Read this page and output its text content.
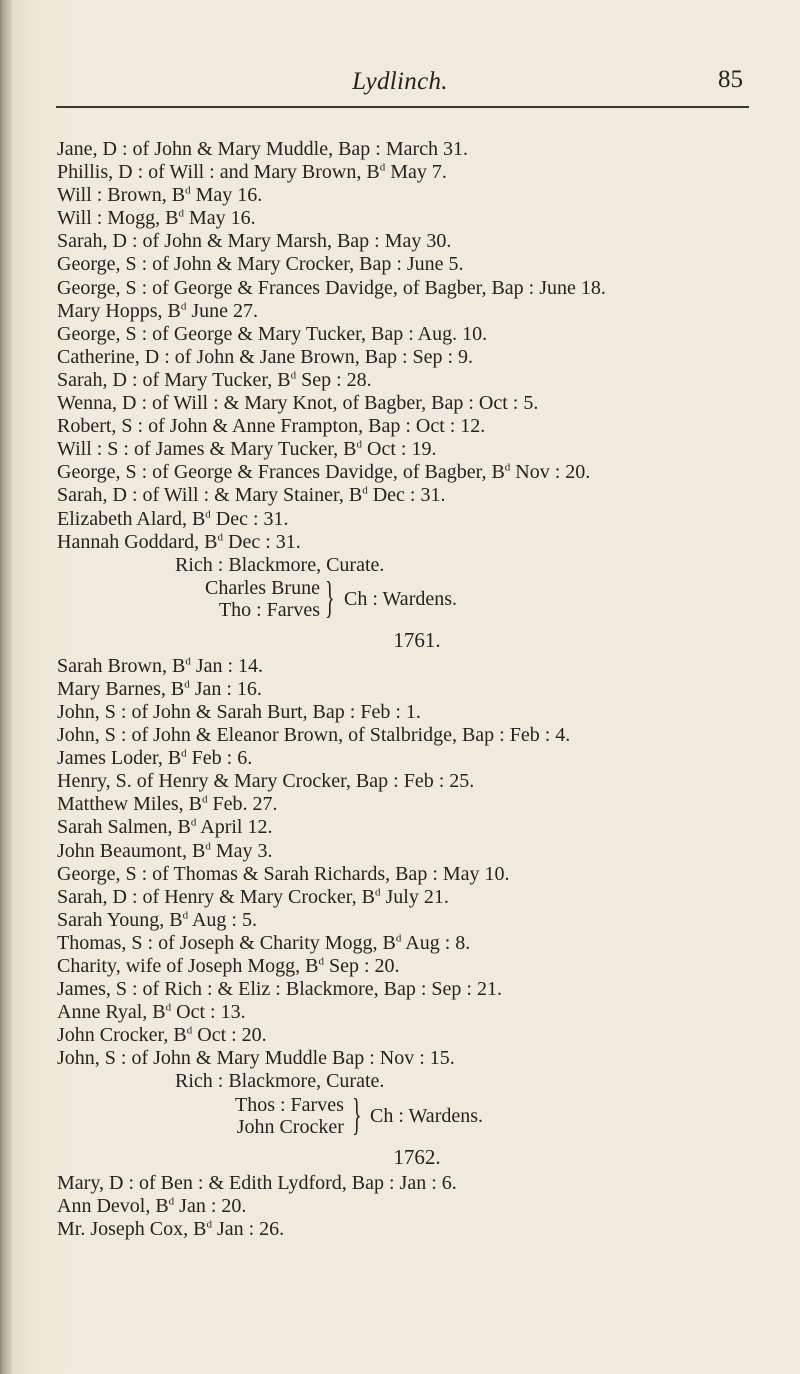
Lydlinch.	85
Jane, D : of John & Mary Muddle, Bap : March 31.
Phillis, D : of Will : and Mary Brown, $B^d$ May 7.
Will : Brown, $B^d$ May 16.
Will : Mogg, $B^d$ May 16.
Sarah, D : of John & Mary Marsh, Bap : May 30.
George, S : of John & Mary Crocker, Bap : June 5.
George, S : of George & Frances Davidge, of Bagber, Bap : June 18.
Mary Hopps, $B^d$ June 27.
George, S : of George & Mary Tucker, Bap : Aug. 10.
Catherine, D : of John & Jane Brown, Bap : Sep : 9.
Sarah, D : of Mary Tucker, $B^d$ Sep : 28.
Wenna, D : of Will : & Mary Knot, of Bagber, Bap : Oct : 5.
Robert, S : of John & Anne Frampton, Bap : Oct : 12.
Will : S : of James & Mary Tucker, $B^d$ Oct : 19.
George, S : of George & Frances Davidge, of Bagber, $B^d$ Nov : 20.
Sarah, D : of Will : & Mary Stainer, $B^d$ Dec : 31.
Elizabeth Alard, $B^d$ Dec : 31.
Hannah Goddard, $B^d$ Dec : 31.
Rich : Blackmore, Curate.
Charles Brune
Tho : Farves } Ch : Wardens.
1761.
Sarah Brown, $B^d$ Jan : 14.
Mary Barnes, $B^d$ Jan : 16.
John, S : of John & Sarah Burt, Bap : Feb : 1.
John, S : of John & Eleanor Brown, of Stalbridge, Bap : Feb : 4.
James Loder, $B^d$ Feb : 6.
Henry, S. of Henry & Mary Crocker, Bap : Feb : 25.
Matthew Miles, $B^d$ Feb. 27.
Sarah Salmen, $B^d$ April 12.
John Beaumont, $B^d$ May 3.
George, S : of Thomas & Sarah Richards, Bap : May 10.
Sarah, D : of Henry & Mary Crocker, $B^d$ July 21.
Sarah Young, $B^d$ Aug : 5.
Thomas, S : of Joseph & Charity Mogg, $B^d$ Aug : 8.
Charity, wife of Joseph Mogg, $B^d$ Sep : 20.
James, S : of Rich : & Eliz : Blackmore, Bap : Sep : 21.
Anne Ryal, $B^d$ Oct : 13.
John Crocker, $B^d$ Oct : 20.
John, S : of John & Mary Muddle Bap : Nov : 15.
Rich : Blackmore, Curate.
Thos : Farves
John Crocker } Ch : Wardens.
1762.
Mary, D : of Ben : & Edith Lydford, Bap : Jan : 6.
Ann Devol, $B^d$ Jan : 20.
Mr. Joseph Cox, $B^d$ Jan : 26.
